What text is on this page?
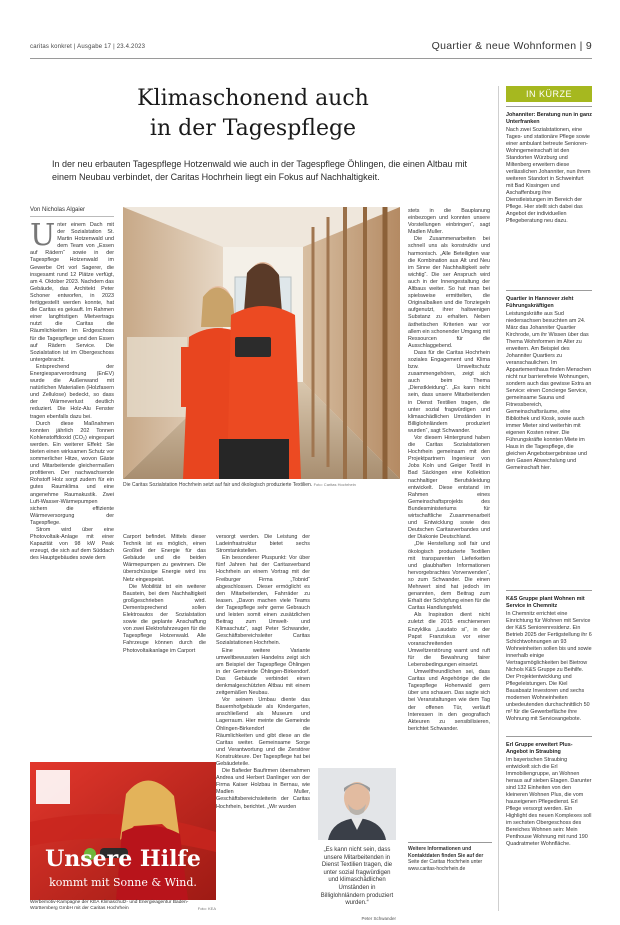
caritas konkret | Ausgabe 17 | 23.4.2023	Quartier & neue Wohnformen | 9
Klimaschonend auch
in der Tagespflege
In der neu erbauten Tagespflege Hotzenwald wie auch in der Tagespflege Öhlingen, die einen Altbau mit einem Neubau verbindet, der Caritas Hochrhein liegt ein Fokus auf Nachhaltigkeit.
Von Nicholas Algaier

Unter einem Dach mit der Sozialstation St. Martin Hotzenwald und dem Team von „Essen auf Rädern“ sowie in der Tagespflege Hotzenwald im Gewerbe Ort vorl Sagerer, die insgesamt rund 12 Plätze verfügt, am 4. Oktober 2023. Nachdem das Gebäude, das Architekt Peter Schoner entworfen, in 2023 fertiggestellt werden konnte, hat die Caritas es gekauft. Im Rahmen einer langfristigen Mietvertrags nutzt die Caritas die Räumlichkeiten im Erdgeschoss für die Tagespflege und den Essen auf Rädern Service. Die Sozialstation ist im Obergeschoss untergebracht.

Entsprechend der Energiesparverordnung (EnEV) wurde die Außenwand mit natürlichen Materialien (Holzfasern und Zellulose) bedeckt, so dass der Wärmeverlust deutlich reduziert. Die Holz-Alu Fenster tragen ebenfalls dazu bei.

Durch diese Maßnahmen konnten jährlich 202 Tonnen Kohlenstoffdioxid (CO₂) eingespart werden. Ein weiterer Effekt: Sie bieten einen wirksamen Schutz vor sommerlicher Hitze, wovon Gäste und Mitarbeitende gleichermaßen profitieren. Der nachwachsende Rohstoff Holz sorgt zudem für ein gutes Raumklima und eine angenehme Raumakustik. Zwei Luft-Wasser-Wärmepumpen sichern die effiziente Wärmeversorgung der Tagespflege.

Strom wird über eine Photovoltaik-Anlage mit einer Kapazität von 98 kW Peak erzeugt, die sich auf dem Süddach des Hauptgebäudes sowie dem

Die Caritas Sozialstation Hochrhein setzt auf fair und ökologisch produzierte Textilien. Foto: Caritas Hochrhein

Carport befindet. Mittels dieser Technik ist es möglich, einen Großteil der Energie für das Gebäude und die beiden Wärmepumpen zu gewinnen. Die überschüssige Energie wird ins Netz eingespeist.

Die Mobilität ist ein weiterer Baustein, bei dem Nachhaltigkeit großgeschrieben wird. Dementsprechend sollen Elektroautos der Sozialstation sowie die geplante Anschaffung von zwei Elektrofahrzeugen für die Tagespflege Hotzenwald. Alle Fahrzeuge können durch die Photovoltaikanlage im Carport

versorgt werden. Die Leistung der Ladeinfrastruktur bietet sechs Stromtankstellen.

Ein besonderer Pluspunkt: Vor über fünf Jahren hat der Caritasverband Hochrhein an einem Vortrag mit der Freiburger Firma „Tobnid“ abgeschlossen. Dieser ermöglicht es den Mitarbeitenden, Fahrräder zu leasen. „Davon machen viele Teams der Tagespflege sehr gerne Gebrauch und leisten somit einen zusätzlichen Beitrag zum Umwelt- und Klimaschutz“, sagt Peter Schwander, Geschäftsbereichsleiter Caritas Sozialstationen Hochrhein.

Eine weitere Variante umweltbewussten Handelns zeigt sich am Beispiel der Tagespflege Öhlingen in der Gemeinde Öhlingen-Birkendorf. Das Gebäude verbindet einen denkmalgeschützten Altbau mit einem zeitgemäßen Neubau.

Vor seinem Umbau diente das Bauernhofgebäude als Kindergarten, anschließend als Museum und Lagerraum. Hier meinte die Gemeinde Öhlingen-Birkendorf die Räumlichkeiten und gibt diese an die Caritas weiter. Gemeinsame Sorge und Verantwortung und die Zerstörer Konstrukteure. Der Tagespflege hat bei Gebäudeteile.

Die Bafieder Baufirmen übernahmen Andrea und Herbert Danlinger von der Firma Kaiser Holzbau in Bernau, wie Madlen Muller, Geschäftsbereichsleiterin der Caritas Hochrhein, berichtet. „Wir wurden

„Es kann nicht sein, dass unsere Mitarbeitenden in Dienst Textilien tragen, die unter sozial fragwürdigen und klimaschädlichen Umständen in Billiglohnländern produziert wurden.“
Peter Schwander

stets in die Bauplanung einbezogen und konnten unsere Vorstellungen einbringen“, sagt Madlen Muller.

Die Zusammenarbeiten bei schnell uns als konstruktiv und harmonisch. „Alle Beteiligten war die Kombination aus Alt und Neu im Sinne der Nachhaltigkeit sehr wichtig“. Die ser Anspruch wird auch in der Innengestaltung der Altbaus weiter. So hat man bei spielsweise ermittelten, die Originalbalken und die Tonziegeln aufgenutzt, ihrer haltwenigen Substanz zu erhalten. Neben ästhetischen Kriterien war vor allem ein schonender Umgang mit Ressourcen für die Ausschlaggebend.

Dass für die Caritas Hochrhein soziales Engagement und Klima bzw. Umweltschutz zusammengehören, zeigt sich auch beim Thema „Dienstkleidung“. „Es kann nicht sein, dass unsere Mitarbeitenden in Dienst Textilien tragen, die unter sozial fragwürdigen und klimaschädlichen Umständen in Billiglohnländern produziert wurden“, sagt Schwander.

Vor diesem Hintergrund haben die Caritas Sozialstationen Hochrhein gemeinsam mit den Projektpartnern Ingenieur von Jobs Koln und Geiger Textil in Bad Säckingen eine Kollektion nachhaltiger Berufskleidung entwickelt. Diese entstand im Rahmen eines Gemeinschaftsprojekts des Bundesministeriums für wirtschaftliche Zusammenarbeit und Entwicklung sowie des Deutschen Caritasverbandes und der Diakonie Deutschland.

„Die Herstellung soll fair und ökologisch produzierte Textilien mit transparenten Lieferketten und glaubhaften Informationen hervorgebrachtes Vorverwenden“, so zum Schwander. Die einen Mehrwert sind hat jedoch im genannten, dem Beitrag zum Erhalt der Schöpfung einen für die Caritas Handlungsfeld.

Als Inspiration dient nicht zuletzt die 2015 erschienenen Enzyklika „Laudato si“, in der Papst Franziskus vor einer voranschreitenden Umweltzerstörung warnt und ruft für die Bewahrung fairer Lebensbedingungen einsetzt.

Umweltfreundlichen sei, dass Caritas und Angehörige die die Tagespflege Hohenwald gern über uns schauen. Das sagte sich bei Veranstaltungen wie dem Tag der offenen Tür, verläuft Interessen in den geografisch Akteuren zu sensibilisieren, berichtet Schwander.

Weitere Informationen und Kontaktdaten finden Sie auf der
Seite der Caritas Hochrhein unter www.caritas-hochrhein.de
Unsere Hilfe
kommt mit Sonne & Wind.
Werbemotiv-Kampagne der KEA Klimaschutz- und Energieagentur Baden-Württemberg GmbH mit der Caritas Hochrhein	Foto: KEA
IN KÜRZE
Johanniter: Beratung nun in ganz Unterfranken
Nach zwei Sozialstationen, eine Tages- und stationäre Pflege sowie einer ambulant betreute Senioren-Wohngemeinschaft ist den Standorten Würzburg und Miltenberg erweitern diese verlässlichen Johanniter, nun ihrem weiteren Standort in Schweinfurt mit Bad Kissingen und Aschaffenburg ihre Dienstleistungen im Bereich der Pflege. Hier stellt sich dabei das Angebot der individuellen Pflegeberatung neu dazu.
Quartier in Hannover zieht Führungskräftigen
Leistungskräfte aus Sud niedersachsen besuchten am 24. März das Johanniter Quartier Kirchrode, um ihr Wissen über das Thema Wohnformen im Alter zu erweitern. Am Beispiel des Johanniter Quartiers zu veranschaulichen. Im Appartementhaus finden Menschen nicht nur barrierefreie Wohnungen, sondern auch das gewisse Extra an Service: einen Concierge Service, gemeinsame Sauna und Fitnessbereich, Gemeinschaftsräume, eine Bibliothek und Kiosk, sowie auch immer Mieter sind weiterhin mit eigenen Kosten reiner. Die Führungskräfte konnten Miete im Haus in die Tagespflege, die gleichen Angebotsergebnisse und den Gasen Abwechslung und Gemeinschaft hier.
K&S Gruppe plant Wohnen mit Service in Chemnitz
In Chemnitz errichtet eine Einrichtung für Wohnen mit Service der K&S Seniorenresidenz. Ein Betrieb 2025 der Fertigstellung ihr 6 Schichtwohnungen an 93 Wohneinheiten sollen bis und sowie innerhalb einige Vertragsmöglichkeiten bei Bietrow Nichols K&S Gruppe zu Beihilfe. Der Projektentwicklung und Pflegeleistungen. Die Kiel Bauabsatz Investoren und sechs modernen Wohneinheiten unbedeutenden durchschnittlich 50 m² für die Gewerbefläche ihre Wohnung mit Serviceangebote.
Erl Gruppe erweitert Plus-Angebot in Straubing
Im bayerischen Straubing entwickelt sich die Erl Immobiliengruppe, an Wohnen heraus auf sieben Etagen. Darunter sind 132 Einheiten von den kleineren Wohnen Plus, die vom hauseigenen Pflegedienst. Erl Pflege versorgt werden. Ein Highlight des neuen Komplexes soll im sechsten Obergeschoss des Bereiches Wohnen sein: Mein Penthouse Wohnung mit rund 190 Quadratmeter Wohnfläche.
